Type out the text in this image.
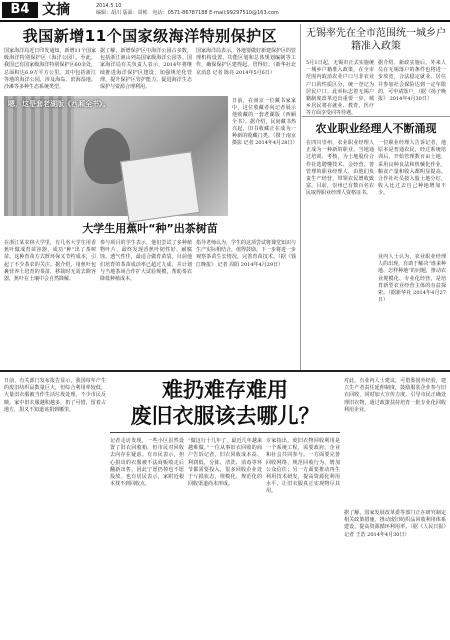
B4 文摘	2014.5.10
编辑：胡川 版面：周彬　 电话：0571-86787188 E-mail:99297510@163.com
我国新增11个国家级海洋特别保护区
国家海洋局近日印发通知，新增11个国家级海洋特别保护区（海洋公园）。至此，我国已有国家级海洋特别保护区60余处，总面积达6.9万平方公里。其中包括浙江等地的海洋公园，涉及海岛、滨海湿地、沙滩等多种生态系统类型。
据了解，新增保护区中海洋公园占多数，包括浙江渔山列岛国家级海洋公园等。国家海洋局有关负责人表示，2014年将继续推进海洋保护区建设，加强规范化管理，提升保护区管护能力，促进海洋生态保护与资源合理利用。
国家海洋局表示，各地要做好新建保护区的管理机构设置、功能区划和总体规划编制等工作，确保保护区建得起、管得好。（新华社北京消息 记者 陈亮 2014年5月6日）
嗯，这是套老湖版《西厢全书》。	日前，在南京一位藏书家家中，这位收藏者向记者展示他收藏的一套老湖版《西厢全书》。据介绍，民间藏书热兴起，旧书收藏正在成为一种新的收藏门类。（摄于南京 摄影 记者 2014年4月28日）
大学生用蕉叶“种”出茶树苗
在浙江某农林大学里，有几名大学生用香蕉叶做成育苗容器，成功“种”出了茶树苗。这种育苗方式既环保又节约成本，引起了不少茶农的关注。据介绍，用蕉叶包裹营养土培育的茶苗，移栽时无需去除容器，蕉叶在土壤中会自然降解。
参与项目的学生表示，他们尝试了多种植物叶片，最终发现香蕉叶韧性好、耐腐蚀、透气性佳，最适合做育苗袋。目前他们培育的茶苗成活率已超过九成，并计划与当地茶场合作扩大试验规模，帮助茶农降低种植成本。
指导老师认为，学生的这项尝试将课堂知识与生产实际相结合，值得鼓励。下一步将进一步观察茶苗生长情况，完善育苗技术。（据《钱江晚报》 记者 周阳 2014年4月29日）
无锡率先在全市范围统一城乡户籍准入政策
5月1日起，无锡市正式实施统一城乡户籍准入政策，在全市范围内取消农业户口与非农业户口的性质区分，统一登记为居民户口。此举标志着无锡户籍制度改革迈出重要一步，城乡居民将在就业、教育、医疗等方面享受同等待遇。
据介绍，新政实施后，外来人员在无锡落户的条件也将进一步放宽，合法稳定就业、居住并参加社会保险达到一定年限的，可申请落户。（据《扬子晚报》 2014年4月30日）
农业职业经理人不断涌现
在四川崇州，农业职业经理人正成为一种新的职业。当地通过培训、考核，为土地股份合作社选聘懂技术、会经营、善管理的职业经理人，由他们负责生产经营，带领农民增收致富。目前，崇州已有数百名农民取得职业经理人资格证书。
一位职业经理人告诉记者，他原本是普通农民，经过系统培训后，开始管理数百亩土地，采用良种良法和机械化作业，粮食产量和收入都明显提高。合作社社员按入股土地分红，收入比过去自己种地增加不少。
业内人士认为，农业职业经理人的出现，有助于解决“谁来种地、怎样种地”的问题，推动农业规模化、专业化经营，是培育新型农业经营主体的有益探索。（据新华社 2014年4月27日）
难扔难存难用
废旧衣服该去哪儿？
日前，有关部门发布报告显示，我国每年产生的废旧纺织品数量巨大，但综合利用率较低，大量旧衣服被当作生活垃圾处理。不少市民反映，家中旧衣服越积越多，扔了可惜，留着占地方，捐又不知道该捐到哪里。
记者走访发现，一些小区虽然设置了旧衣回收箱，但市民对回收去向存在疑虑。有市民表示，担心捐出的衣服被不法商贩收走后翻新出售，因此宁愿扔掉也不愿投放。也有居民表示，家附近根本找不到回收点。
“做这行十几年了，最近几年越来越难做。”一位从事旧衣回收的商户告诉记者，旧衣回收成本高、利润低，分拣、清洗、消毒等环节都需要投入，很多回收企业处于亏损状态，规模化、规范化的回收渠道尚未形成。
专家指出，废旧衣物回收利用是一个系统工程，需要政府、企业和社会共同参与。一方面要完善回收网络，规范回收行为，增加公众信任；另一方面要推动再生利用技术研发，提高资源化利用水平，让旧衣服真正实现物尽其用。
对此，有业内人士建议，可借鉴国外经验，建立生产者责任延伸制度，鼓励服装企业参与旧衣回收，同时加大宣传力度，引导市民正确处理旧衣物，通过政策扶持培育一批专业化回收利用企业。
据了解，国家发展改革委等部门正在研究制定相关政策措施，推动废旧纺织品回收利用体系建设，提高资源循环利用率。（据《人民日报》记者 王浩 2014年4月30日）
